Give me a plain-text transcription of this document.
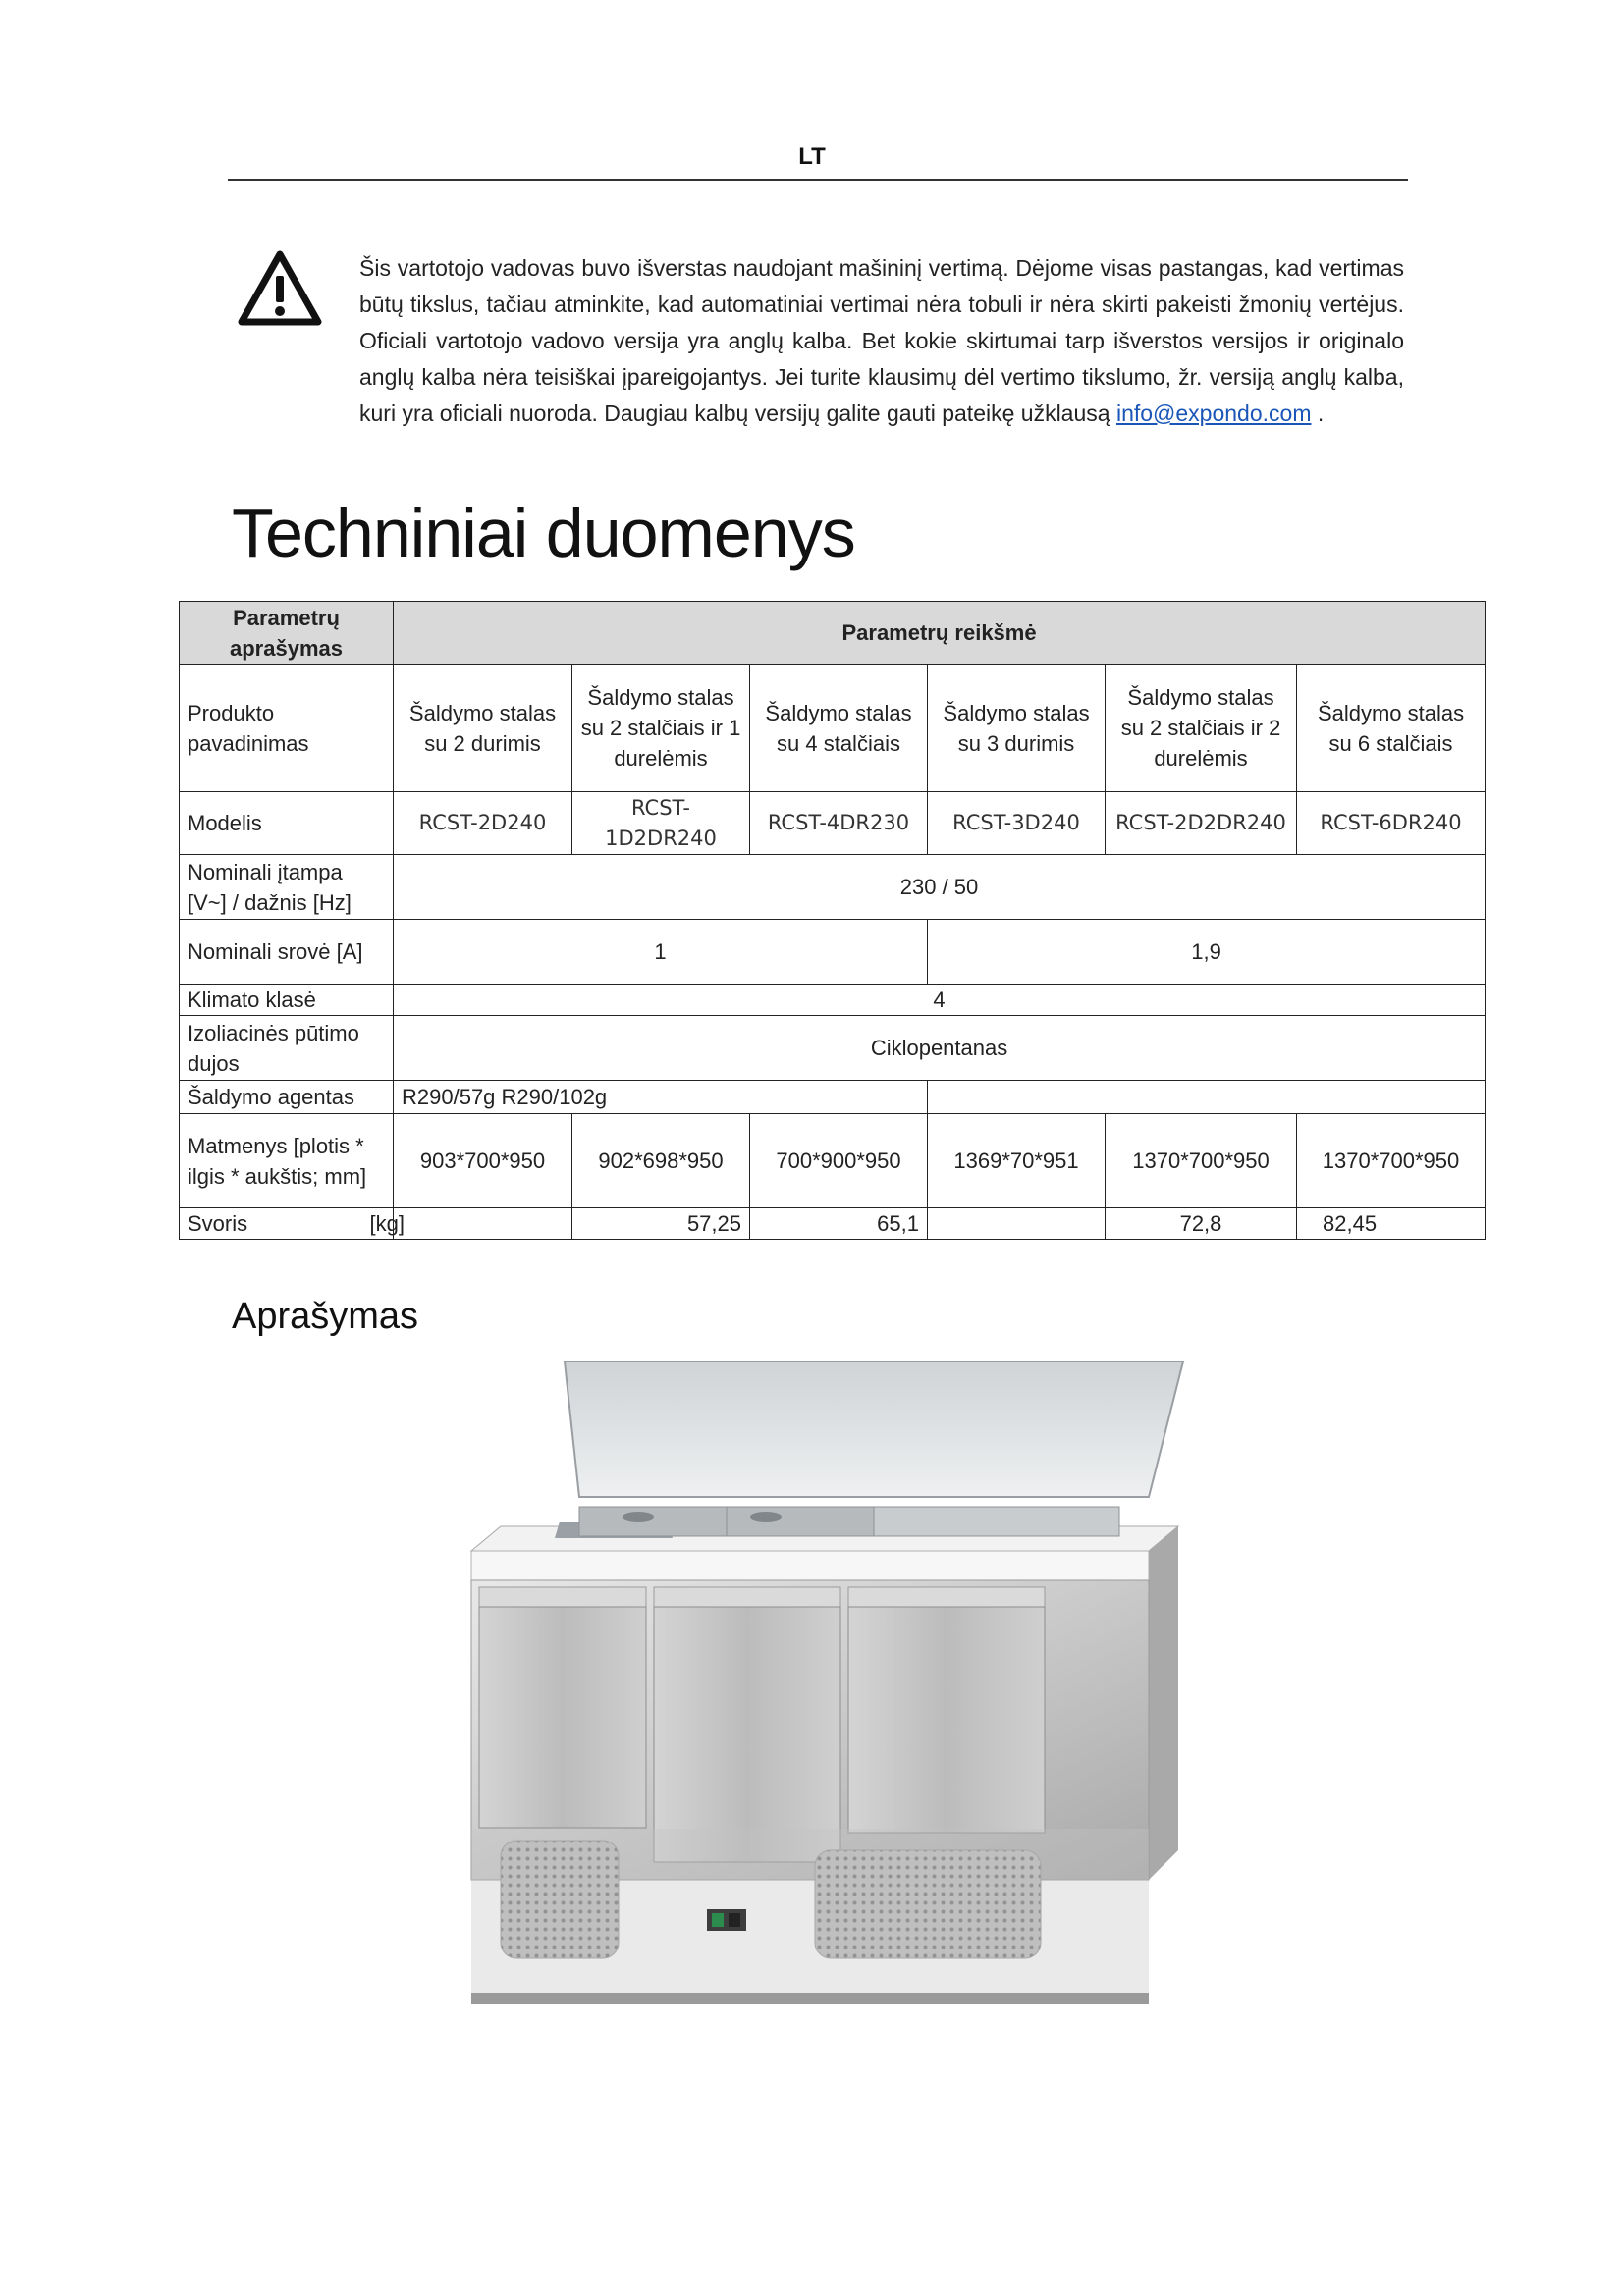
LT
Šis vartotojo vadovas buvo išverstas naudojant mašininį vertimą. Dėjome visas pastangas, kad vertimas būtų tikslus, tačiau atminkite, kad automatiniai vertimai nėra tobuli ir nėra skirti pakeisti žmonių vertėjus. Oficiali vartotojo vadovo versija yra anglų kalba. Bet kokie skirtumai tarp išverstos versijos ir originalo anglų kalba nėra teisiškai įpareigojantys. Jei turite klausimų dėl vertimo tikslumo, žr. versiją anglų kalba, kuri yra oficiali nuoroda. Daugiau kalbų versijų galite gauti pateikę užklausą info@expondo.com .
Techniniai duomenys
Parametrų aprašymas	Parametrų reikšmė					
Produkto pavadinimas	Šaldymo stalas su 2 durimis	Šaldymo stalas su 2 stalčiais ir 1 durelėmis	Šaldymo stalas su 4 stalčiais	Šaldymo stalas su 3 durimis	Šaldymo stalas su 2 stalčiais ir 2 durelėmis	Šaldymo stalas su 6 stalčiais
Modelis	RCST-2D240	RCST-1D2DR240	RCST-4DR230	RCST-3D240	RCST-2D2DR240	RCST-6DR240
Nominali įtampa [V~] / dažnis [Hz]	230 / 50					
Nominali srovė [A]	1			1,9		
Klimato klasė	4					
Izoliacinės pūtimo dujos	Ciklopentanas					
Šaldymo agentas	R290/57g R290/102g					
Matmenys [plotis * ilgis * aukštis; mm]	903*700*950	902*698*950	700*900*950	1369*70*951	1370*700*950	1370*700*950
Svoris [kg]		57,25	65,1		72,8	82,45
Aprašymas
